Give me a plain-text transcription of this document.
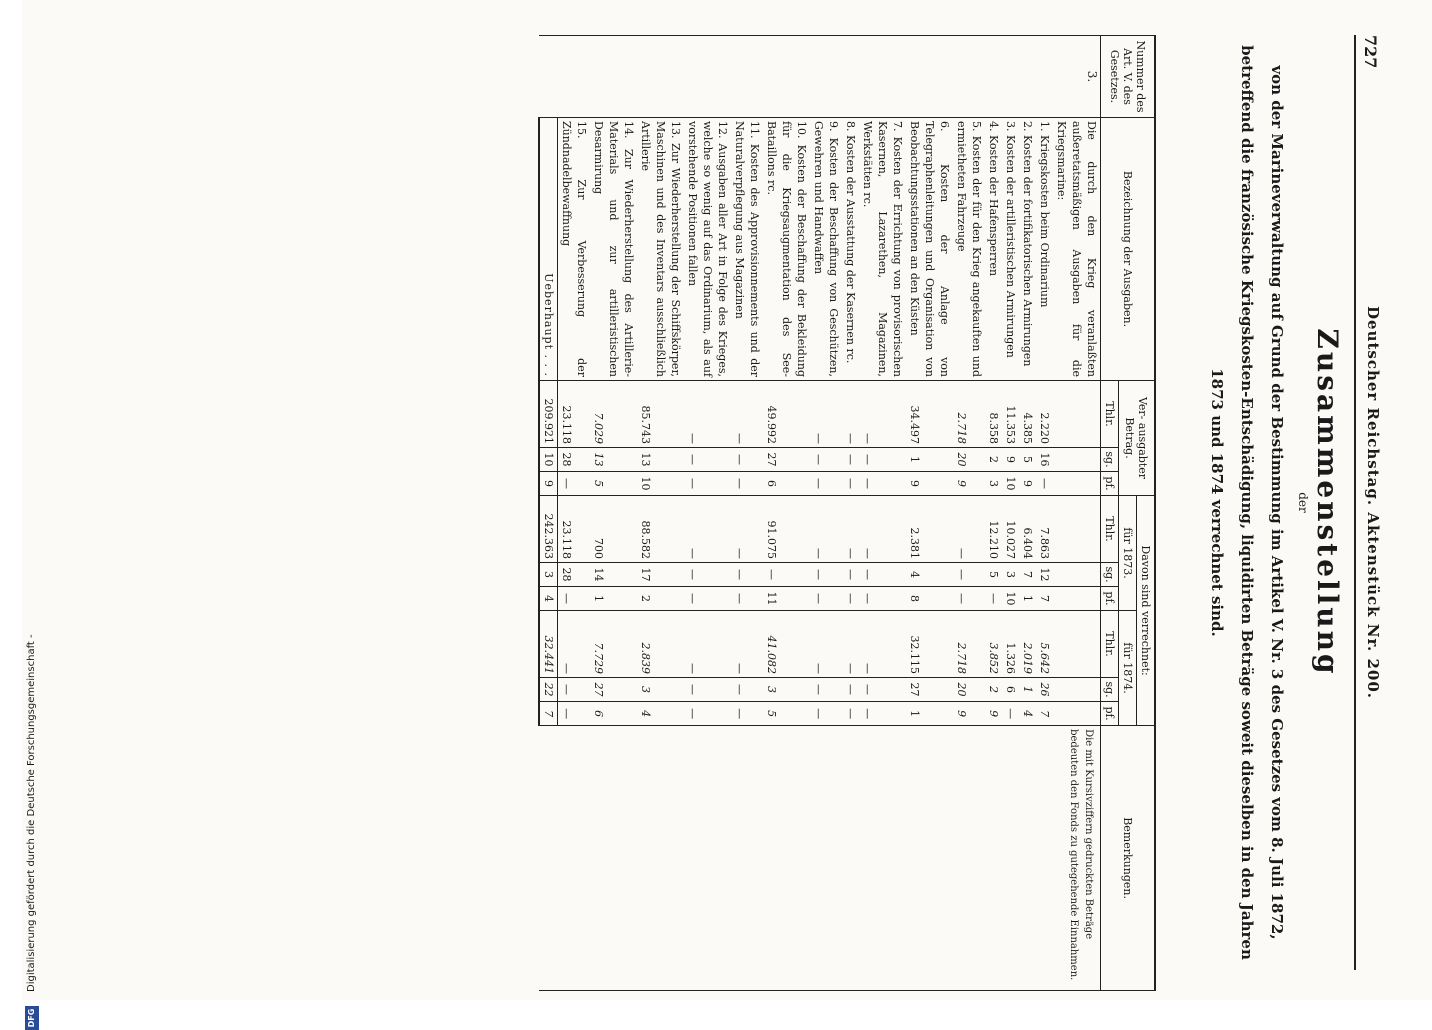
727
Deutscher Reichstag. Aktenstück Nr. 200.
Zusammenstellung
der
von der Marineverwaltung auf Grund der Bestimmung im Artikel V. Nr. 3 des Gesetzes vom 8. Juli 1872, betreffend die französische Kriegskosten-Entschädigung, liquidirten Beträge soweit dieselben in den Jahren 1873 und 1874 verrechnet sind.
Nummer des Art. V. des Gesetzes.	Bezeichnung der Ausgaben.	Ver- ausgabter Betrag.			Davon sind verrechnet:						Bemerkungen.
					für 1873.			für 1874.			
		Thlr.	sg.	pf.	Thlr.	sg.	pf.	Thlr.	sg.	pf.	
3.	Die durch den Krieg veranlaßten außeretatsmäßigen Ausgaben für die Kriegsmarine:										Die mit Kursivziffern gedruckten Beträge bedeuten den Fonds zu gutegehende Einnahmen.
	1. Kriegskosten beim Ordinarium	2.220	16	—	7.863	12	7	5.642	26	7	
	2. Kosten der fortifikatorischen Armirungen	4.385	5	9	6.404	7	1	2.019	1	4	
	3. Kosten der artilleristischen Armirungen	11.353	9	10	10.027	3	10	1.326	6	—	
	4. Kosten der Hafensperren	8.358	2	3	12.210	5	—	3.852	2	9	
	5. Kosten der für den Krieg angekauften und ermietheten Fahrzeuge	2.718	20	9	—	—	—	2.718	20	9	
	6. Kosten der Anlage von Telegraphenleitungen und Organisation von Beobachtungsstationen an den Küsten	34.497	1	9	2.381	4	8	32.115	27	1	
	7. Kosten der Errichtung von provisorischen Kasernen, Lazarethen, Magazinen, Werkstätten rc.	—	—	—	—	—	—	—	—	—	
	8. Kosten der Ausstattung der Kasernen rc.	—	—	—	—	—	—	—	—	—	
	9. Kosten der Beschaffung von Geschützen, Gewehren und Handwaffen	—	—	—	—	—	—	—	—	—	
	10. Kosten der Beschaffung der Bekleidung für die Kriegsaugmentation des See-Bataillons rc.	49.992	27	6	91.075	—	11	41.082	3	5	
	11. Kosten des Approvisionnements und der Naturalverpflegung aus Magazinen	—	—	—	—	—	—	—	—	—	
	12. Ausgaben aller Art in Folge des Krieges, welche so wenig auf das Ordinarium, als auf vorstehende Positionen fallen	—	—	—	—	—	—	—	—	—	
	13. Zur Wiederherstellung der Schiffskörper, Maschinen und des Inventars ausschließlich Artillerie	85.743	13	10	88.582	17	2	2.839	3	4	
	14. Zur Wiederherstellung des Artillerie-Materials und zur artilleristischen Desarmirung	7.029	13	5	700	14	1	7.729	27	6	
	15. Zur Verbesserung der Zündnadelbewaffnung	23.118	28	—	23.118	28	—	—	—	—	
	Ueberhaupt . . .	209.921	10	9	242.363	3	4	32.441	22	7	
Digitalisierung gefördert durch die Deutsche Forschungsgemeinschaft -
DFG
